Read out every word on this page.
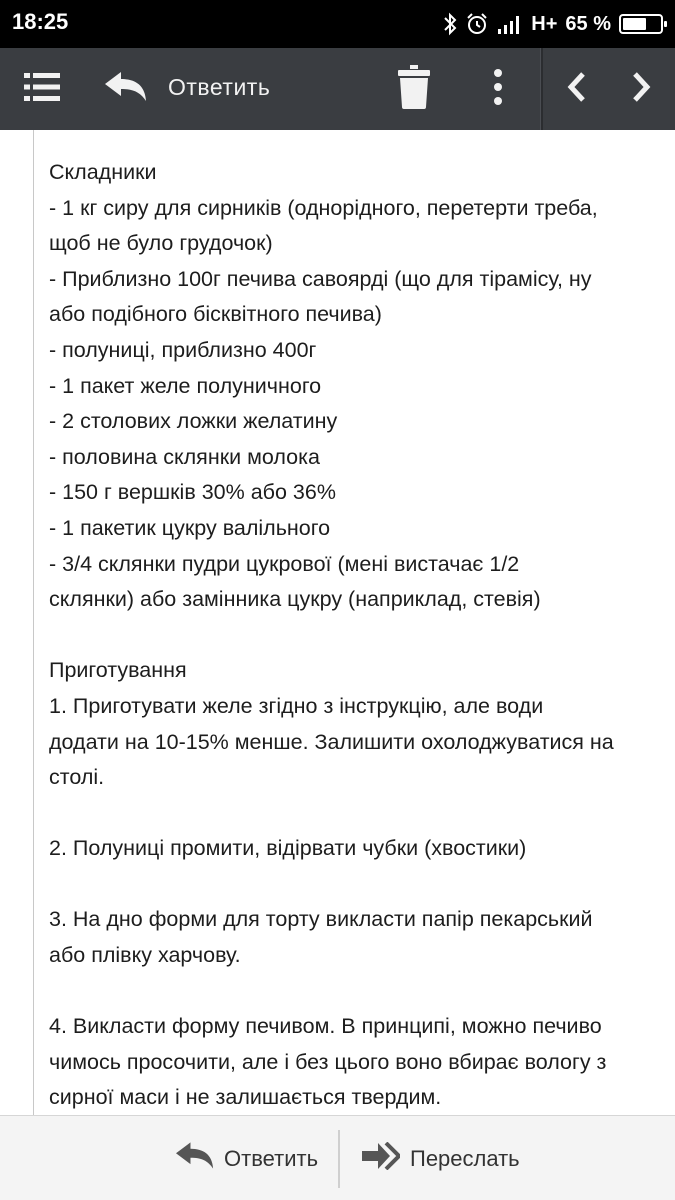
18:25	H+ 65 %
Ответить
Складники
- 1 кг сиру для сирників (однорідного, перетерти треба,
щоб не було грудочок)
- Приблизно 100г печива савоярді (що для тірамісу, ну
або подібного бісквітного печива)
- полуниці, приблизно 400г
- 1 пакет желе полуничного
- 2 столових ложки желатину
- половина склянки молока
- 150 г вершків 30% або 36%
- 1 пакетик цукру валільного
- 3/4 склянки пудри цукрової (мені вистачає 1/2
склянки) або замінника цукру (наприклад, стевія)
Приготування
1. Приготувати желе згідно з інструкцію, але води
додати на 10-15% менше. Залишити охолоджуватися на
столі.
2. Полуниці промити, відірвати чубки (хвостики)
3. На дно форми для торту викласти папір пекарський
або плівку харчову.
4. Викласти форму печивом. В принципі, можно печиво
чимось просочити, але і без цього воно вбирає вологу з
сирної маси і не залишається твердим.
Ответить	Переслать
